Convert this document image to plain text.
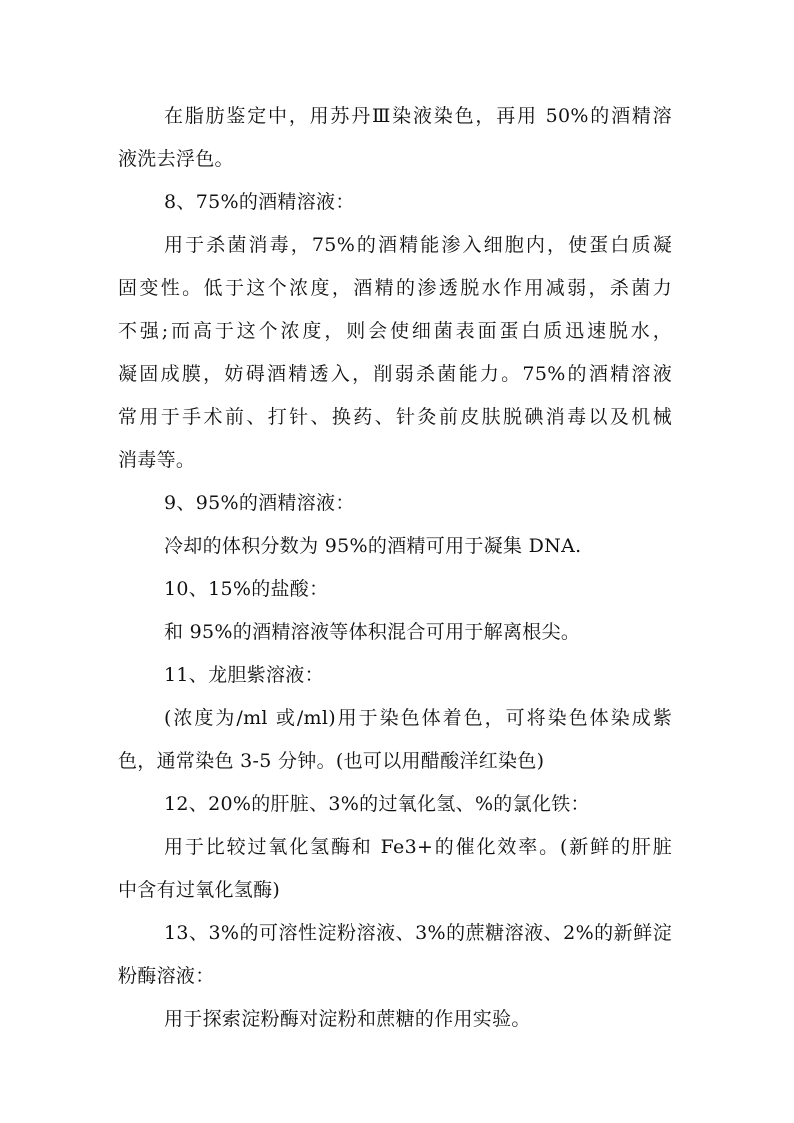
在脂肪鉴定中，用苏丹Ⅲ染液染色，再用 50%的酒精溶
液洗去浮色。
8、75%的酒精溶液：
用于杀菌消毒，75%的酒精能渗入细胞内，使蛋白质凝
固变性。低于这个浓度，酒精的渗透脱水作用减弱，杀菌力
不强;而高于这个浓度，则会使细菌表面蛋白质迅速脱水，
凝固成膜，妨碍酒精透入，削弱杀菌能力。75%的酒精溶液
常用于手术前、打针、换药、针灸前皮肤脱碘消毒以及机械
消毒等。
9、95%的酒精溶液：
冷却的体积分数为 95%的酒精可用于凝集 DNA.
10、15%的盐酸：
和 95%的酒精溶液等体积混合可用于解离根尖。
11、龙胆紫溶液：
(浓度为/ml 或/ml)用于染色体着色，可将染色体染成紫
色，通常染色 3-5 分钟。(也可以用醋酸洋红染色)
12、20%的肝脏、3%的过氧化氢、%的氯化铁：
用于比较过氧化氢酶和 Fe3+的催化效率。(新鲜的肝脏
中含有过氧化氢酶)
13、3%的可溶性淀粉溶液、3%的蔗糖溶液、2%的新鲜淀
粉酶溶液：
用于探索淀粉酶对淀粉和蔗糖的作用实验。
